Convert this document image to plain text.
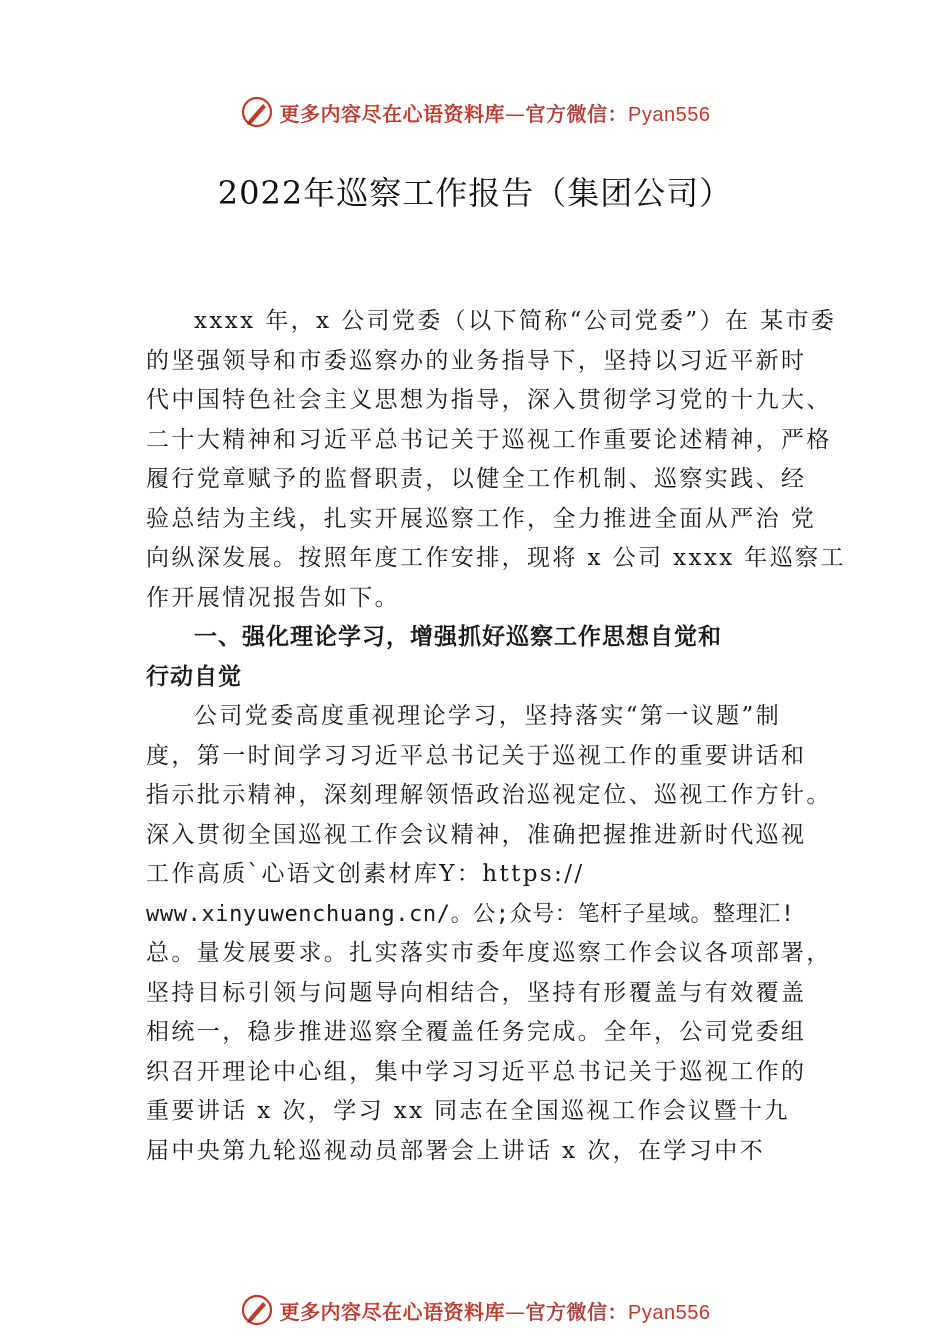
更多内容尽在心语资料库—官方微信：Pyan556
2022年巡察工作报告（集团公司）
xxxx 年，x 公司党委（以下简称“公司党委”）在 某市委
的坚强领导和市委巡察办的业务指导下，坚持以习近平新时
代中国特色社会主义思想为指导，深入贯彻学习党的十九大、
二十大精神和习近平总书记关于巡视工作重要论述精神，严格
履行党章赋予的监督职责，以健全工作机制、巡察实践、经
验总结为主线，扎实开展巡察工作，全力推进全面从严治 党
向纵深发展。按照年度工作安排，现将 x 公司 xxxx 年巡察工
作开展情况报告如下。
一、强化理论学习，增强抓好巡察工作思想自觉和
行动自觉
公司党委高度重视理论学习，坚持落实“第一议题”制
度，第一时间学习习近平总书记关于巡视工作的重要讲话和
指示批示精神，深刻理解领悟政治巡视定位、巡视工作方针。
深入贯彻全国巡视工作会议精神，准确把握推进新时代巡视
工作高质`心语文创素材库Y：https://
www.xinyuwenchuang.cn/。公;众号：笔杆子星域。整理汇!
总。量发展要求。扎实落实市委年度巡察工作会议各项部署，
坚持目标引领与问题导向相结合，坚持有形覆盖与有效覆盖
相统一，稳步推进巡察全覆盖任务完成。全年，公司党委组
织召开理论中心组，集中学习习近平总书记关于巡视工作的
重要讲话 x 次，学习 xx 同志在全国巡视工作会议暨十九
届中央第九轮巡视动员部署会上讲话 x 次，在学习中不
更多内容尽在心语资料库—官方微信：Pyan556
